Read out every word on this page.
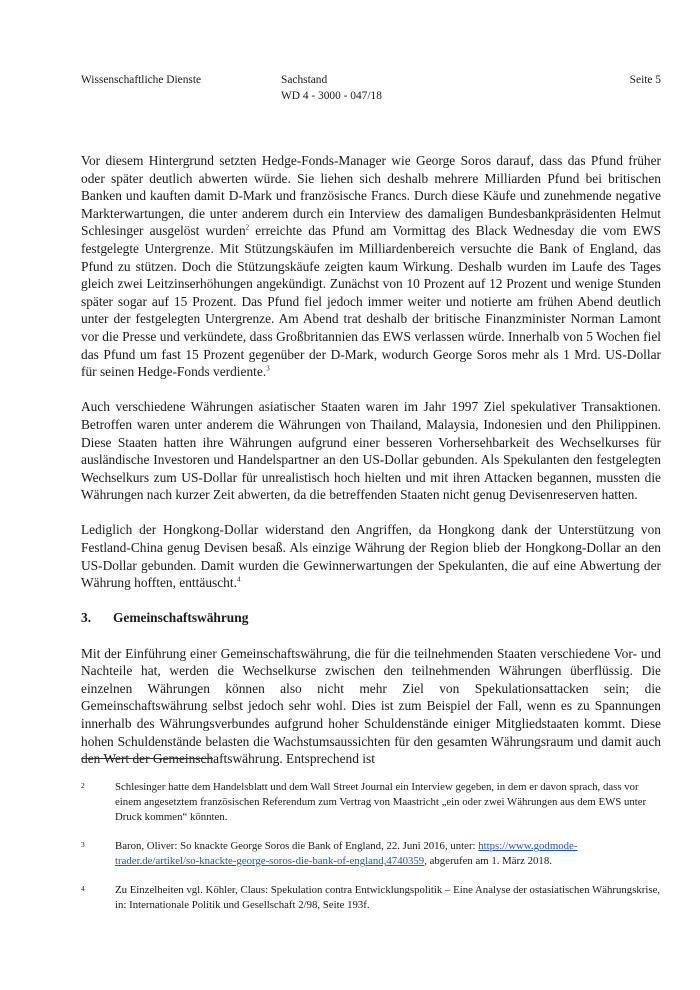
Wissenschaftliche Dienste	Sachstand
WD 4 - 3000 - 047/18
Seite 5

Vor diesem Hintergrund setzten Hedge-Fonds-Manager wie George Soros darauf, dass das Pfund früher oder später deutlich abwerten würde. Sie liehen sich deshalb mehrere Milliarden Pfund bei britischen Banken und kauften damit D-Mark und französische Francs. Durch diese Käufe und zunehmende negative Markterwartungen, die unter anderem durch ein Interview des damaligen Bundesbankpräsidenten Helmut Schlesinger ausgelöst wurden$^2$ erreichte das Pfund am Vormittag des Black Wednesday die vom EWS festgelegte Untergrenze. Mit Stützungskäufen im Milliardenbereich versuchte die Bank of England, das Pfund zu stützen. Doch die Stützungskäufe zeigten kaum Wirkung. Deshalb wurden im Laufe des Tages gleich zwei Leitzinserhöhungen angekündigt. Zunächst von 10 Prozent auf 12 Prozent und wenige Stunden später sogar auf 15 Prozent. Das Pfund fiel jedoch immer weiter und notierte am frühen Abend deutlich unter der festgelegten Untergrenze. Am Abend trat deshalb der britische Finanzminister Norman Lamont vor die Presse und verkündete, dass Großbritannien das EWS verlassen würde. Innerhalb von 5 Wochen fiel das Pfund um fast 15 Prozent gegenüber der D-Mark, wodurch George Soros mehr als 1 Mrd. US-Dollar für seinen Hedge-Fonds verdiente.$^3$

Auch verschiedene Währungen asiatischer Staaten waren im Jahr 1997 Ziel spekulativer Transaktionen. Betroffen waren unter anderem die Währungen von Thailand, Malaysia, Indonesien und den Philippinen. Diese Staaten hatten ihre Währungen aufgrund einer besseren Vorhersehbarkeit des Wechselkurses für ausländische Investoren und Handelspartner an den US-Dollar gebunden. Als Spekulanten den festgelegten Wechselkurs zum US-Dollar für unrealistisch hoch hielten und mit ihren Attacken begannen, mussten die Währungen nach kurzer Zeit abwerten, da die betreffenden Staaten nicht genug Devisenreserven hatten.

Lediglich der Hongkong-Dollar widerstand den Angriffen, da Hongkong dank der Unterstützung von Festland-China genug Devisen besaß. Als einzige Währung der Region blieb der Hongkong-Dollar an den US-Dollar gebunden. Damit wurden die Gewinnerwartungen der Spekulanten, die auf eine Abwertung der Währung hofften, enttäuscht.$^4$

3. Gemeinschaftswährung

Mit der Einführung einer Gemeinschaftswährung, die für die teilnehmenden Staaten verschiedene Vor- und Nachteile hat, werden die Wechselkurse zwischen den teilnehmenden Währungen überflüssig. Die einzelnen Währungen können also nicht mehr Ziel von Spekulationsattacken sein; die Gemeinschaftswährung selbst jedoch sehr wohl. Dies ist zum Beispiel der Fall, wenn es zu Spannungen innerhalb des Währungsverbundes aufgrund hoher Schuldenstände einiger Mitgliedstaaten kommt. Diese hohen Schuldenstände belasten die Wachstumsaussichten für den gesamten Währungsraum und damit auch den Wert der Gemeinschaftswährung. Entsprechend ist

2	Schlesinger hatte dem Handelsblatt und dem Wall Street Journal ein Interview gegeben, in dem er davon sprach, dass vor einem angesetztem französischen Referendum zum Vertrag von Maastricht „ein oder zwei Währungen aus dem EWS unter Druck kommen“ könnten.
3	Baron, Oliver: So knackte George Soros die Bank of England, 22. Juni 2016, unter: https://www.godmode-trader.de/artikel/so-knackte-george-soros-die-bank-of-england,4740359, abgerufen am 1. März 2018.
4	Zu Einzelheiten vgl. Köhler, Claus: Spekulation contra Entwicklungspolitik – Eine Analyse der ostasiatischen Währungskrise, in: Internationale Politik und Gesellschaft 2/98, Seite 193f.
